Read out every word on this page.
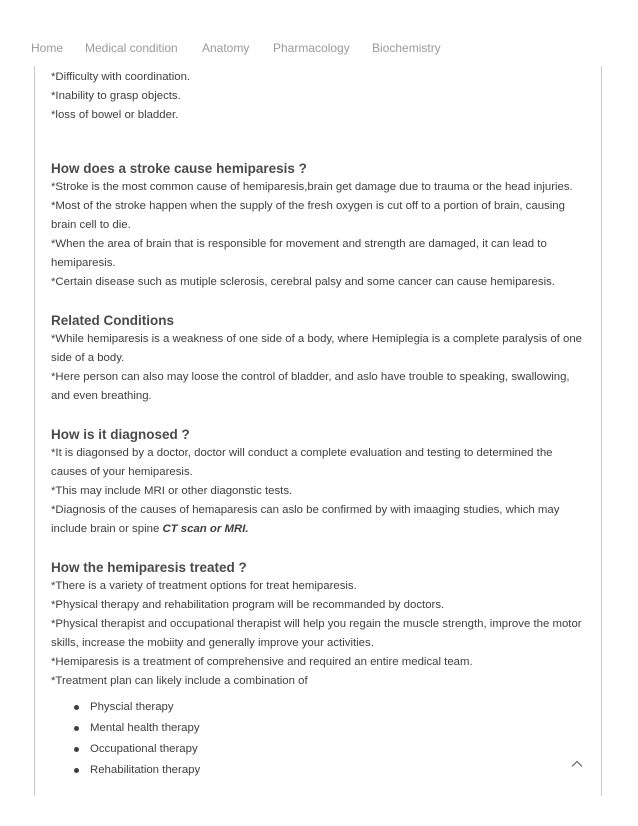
Home Medical condition Anatomy Pharmacology Biochemistry

*Difficulty with coordination.

*Inability to grasp objects.

*loss of bowel or bladder.

How does a stroke cause hemiparesis ?

*Stroke is the most common cause of hemiparesis,brain get damage due to trauma or the head injuries.

*Most of the stroke happen when the supply of the fresh oxygen is cut off to a portion of brain, causing brain cell to die.

*When the area of brain that is responsible for movement and strength are damaged, it can lead to hemiparesis.

*Certain disease such as mutiple sclerosis, cerebral palsy and some cancer can cause hemiparesis.

Related Conditions

*While hemiparesis is a weakness of one side of a body, where Hemiplegia is a complete paralysis of one side of a body.

*Here person can also may loose the control of bladder, and aslo have trouble to speaking, swallowing, and even breathing.

How is it diagnosed ?

*It is diagonsed by a doctor, doctor will conduct a complete evaluation and testing to determined the causes of your hemiparesis.

*This may include MRI or other diagonstic tests.

*Diagnosis of the causes of hemaparesis can aslo be confirmed by with imaaging studies, which may include brain or spine CT scan or MRI.

How the hemiparesis treated ?

*There is a variety of treatment options for treat hemiparesis.

*Physical therapy and rehabilitation program will be recommanded by doctors.

*Physical therapist and occupational therapist will help you regain the muscle strength, improve the motor skills, increase the mobiity and generally improve your activities.

*Hemiparesis is a treatment of comprehensive and required an entire medical team.

*Treatment plan can likely include a combination of

Physcial therapy
Mental health therapy
Occupational therapy
Rehabilitation therapy
